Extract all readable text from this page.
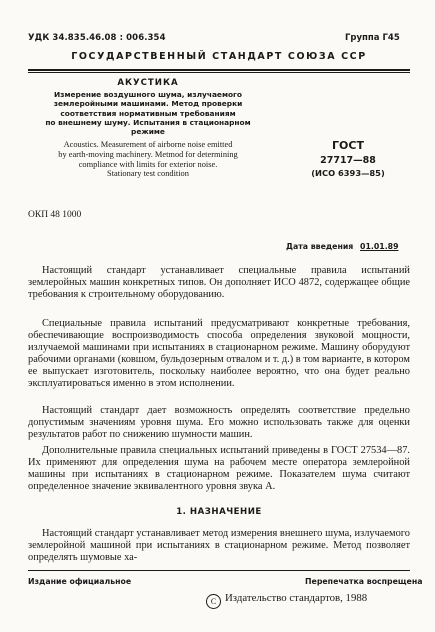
УДК 34.835.46.08 : 006.354	Группа Г45
ГОСУДАРСТВЕННЫЙ СТАНДАРТ СОЮЗА ССР
АКУСТИКА
Измерение воздушного шума, излучаемого
землеройными машинами. Метод проверки
соответствия нормативным требованиям
по внешнему шуму. Испытания в стационарном
режиме
Acoustics. Measurement of airborne noise emitted
by earth-moving machinery. Metmod for determining
compliance with limits for exterior noise.
Stationary test condition
ГОСТ
27717—88
(ИСО 6393—85)
ОКП 48 1000
Дата введения 01.01.89
Настоящий стандарт устанавливает специальные правила испытаний землеройных машин конкретных типов. Он дополняет ИСО 4872, содержащее общие требования к строительному оборудованию.
Специальные правила испытаний предусматривают конкретные требования, обеспечивающие воспроизводимость способа определения звуковой мощности, излучаемой машинами при испытаниях в стационарном режиме. Машину оборудуют рабочими органами (ковшом, бульдозерным отвалом и т. д.) в том варианте, в котором ее выпускает изготовитель, поскольку наиболее вероятно, что она будет реально эксплуатироваться именно в этом исполнении.
Настоящий стандарт дает возможность определять соответствие предельно допустимым значениям уровня шума. Его можно использовать также для оценки результатов работ по снижению шумности машин.
Дополнительные правила специальных испытаний приведены в ГОСТ 27534—87. Их применяют для определения шума на рабочем месте оператора землеройной машины при испытаниях в стационарном режиме. Показателем шума считают определенное значение эквивалентного уровня звука А.
1. НАЗНАЧЕНИЕ
Настоящий стандарт устанавливает метод измерения внешнего шума, излучаемого землеройной машиной при испытаниях в стационарном режиме. Метод позволяет определять шумовые ха-
Издание официальное	Перепечатка воспрещена
C Издательство стандартов, 1988
